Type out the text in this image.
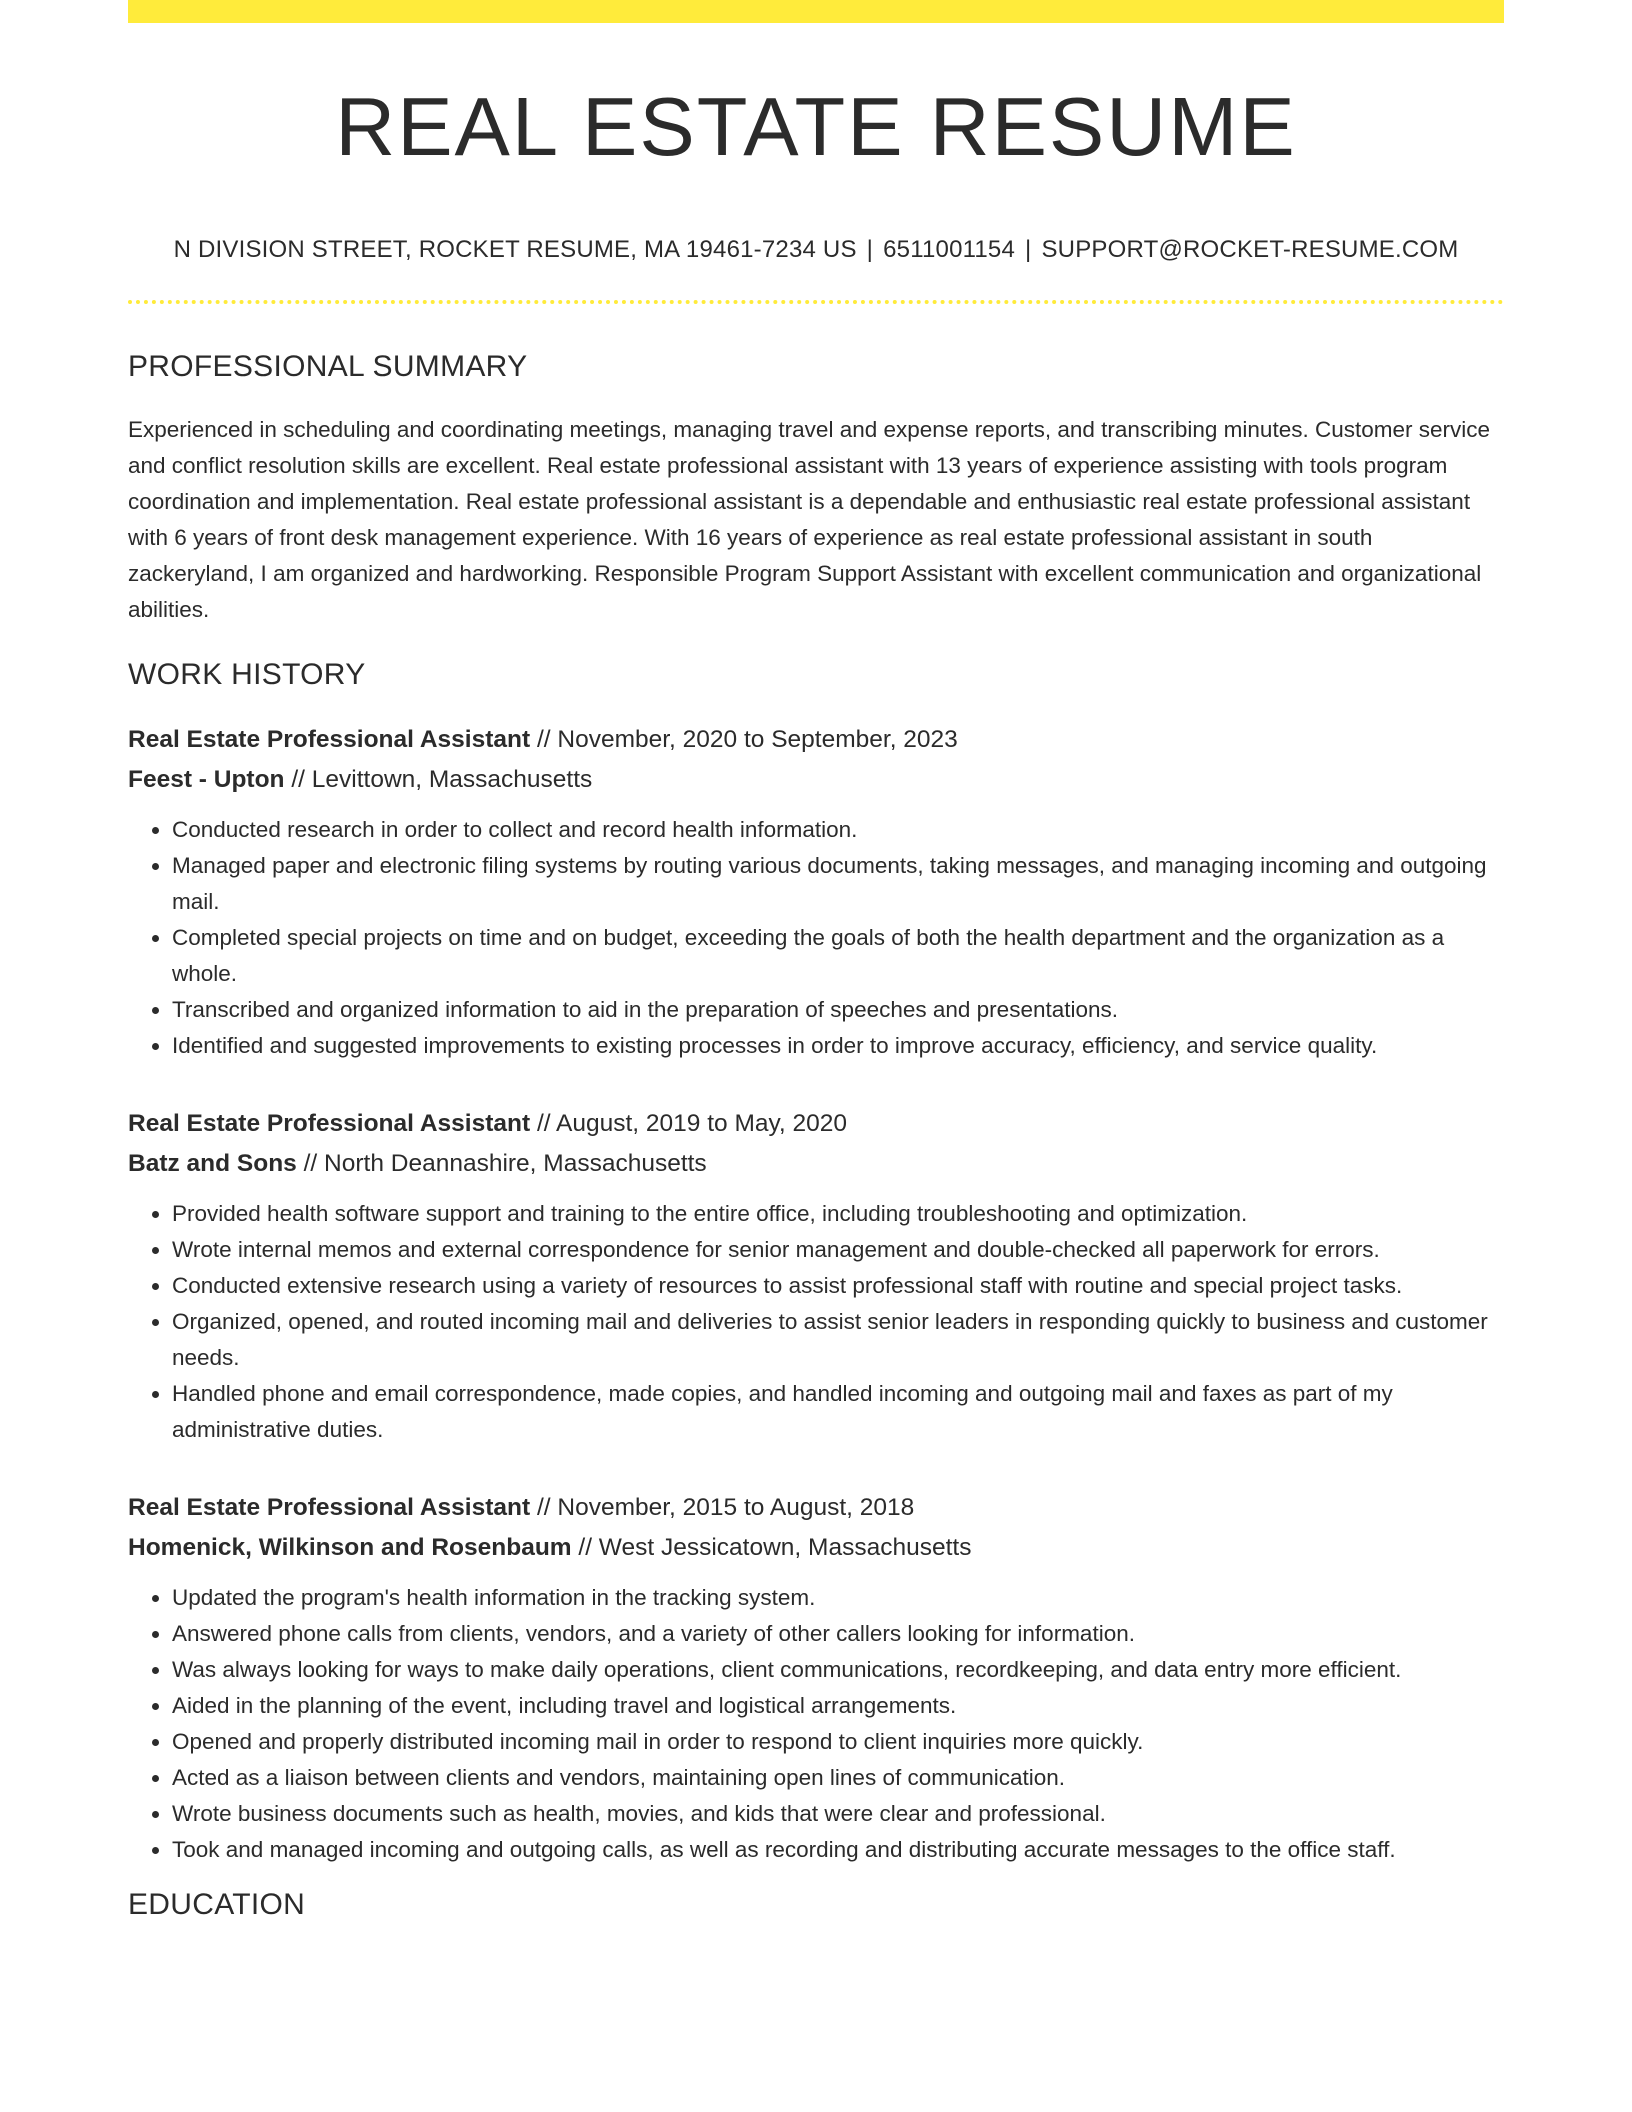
REAL ESTATE RESUME
N DIVISION STREET, ROCKET RESUME, MA 19461-7234 US | 6511001154 | SUPPORT@ROCKET-RESUME.COM
PROFESSIONAL SUMMARY

Experienced in scheduling and coordinating meetings, managing travel and expense reports, and transcribing minutes. Customer service and conflict resolution skills are excellent. Real estate professional assistant with 13 years of experience assisting with tools program coordination and implementation. Real estate professional assistant is a dependable and enthusiastic real estate professional assistant with 6 years of front desk management experience. With 16 years of experience as real estate professional assistant in south zackeryland, I am organized and hardworking. Responsible Program Support Assistant with excellent communication and organizational abilities.

WORK HISTORY
Real Estate Professional Assistant // November, 2020 to September, 2023
Feest - Upton // Levittown, Massachusetts
• Conducted research in order to collect and record health information.
• Managed paper and electronic filing systems by routing various documents, taking messages, and managing incoming and outgoing mail.
• Completed special projects on time and on budget, exceeding the goals of both the health department and the organization as a whole.
• Transcribed and organized information to aid in the preparation of speeches and presentations.
• Identified and suggested improvements to existing processes in order to improve accuracy, efficiency, and service quality.
Real Estate Professional Assistant // August, 2019 to May, 2020
Batz and Sons // North Deannashire, Massachusetts
• Provided health software support and training to the entire office, including troubleshooting and optimization.
• Wrote internal memos and external correspondence for senior management and double-checked all paperwork for errors.
• Conducted extensive research using a variety of resources to assist professional staff with routine and special project tasks.
• Organized, opened, and routed incoming mail and deliveries to assist senior leaders in responding quickly to business and customer needs.
• Handled phone and email correspondence, made copies, and handled incoming and outgoing mail and faxes as part of my administrative duties.
Real Estate Professional Assistant // November, 2015 to August, 2018
Homenick, Wilkinson and Rosenbaum // West Jessicatown, Massachusetts
• Updated the program's health information in the tracking system.
• Answered phone calls from clients, vendors, and a variety of other callers looking for information.
• Was always looking for ways to make daily operations, client communications, recordkeeping, and data entry more efficient.
• Aided in the planning of the event, including travel and logistical arrangements.
• Opened and properly distributed incoming mail in order to respond to client inquiries more quickly.
• Acted as a liaison between clients and vendors, maintaining open lines of communication.
• Wrote business documents such as health, movies, and kids that were clear and professional.
• Took and managed incoming and outgoing calls, as well as recording and distributing accurate messages to the office staff.
EDUCATION
